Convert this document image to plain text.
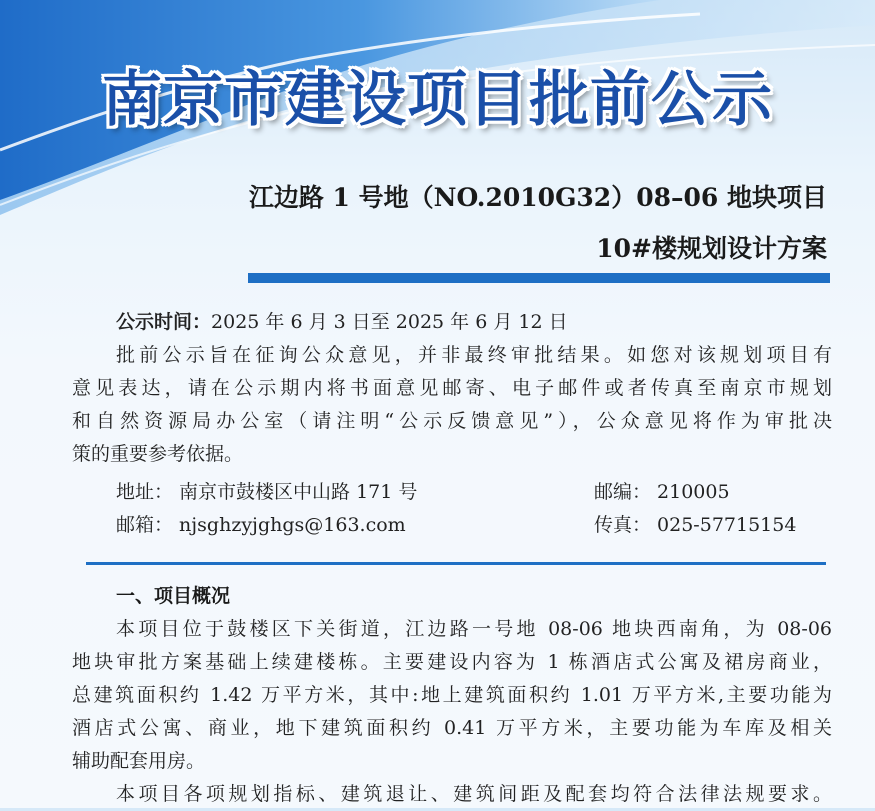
南京市建设项目批前公示
江边路 1 号地（NO.2010G32）08–06 地块项目
10#楼规划设计方案
公示时间：2025 年 6 月 3 日至 2025 年 6 月 12 日
批前公示旨在征询公众意见，并非最终审批结果。如您对该规划项目有
意见表达，请在公示期内将书面意见邮寄、电子邮件或者传真至南京市规划
和自然资源局办公室（请注明“公示反馈意见”），公众意见将作为审批决
策的重要参考依据。
地址： 南京市鼓楼区中山路 171 号	邮编： 210005
邮箱： njsghzyjghgs@163.com	传真： 025-57715154
一、项目概况
本项目位于鼓楼区下关街道，江边路一号地 08-06 地块西南角，为 08-06
地块审批方案基础上续建楼栋。主要建设内容为 1 栋酒店式公寓及裙房商业，
总建筑面积约 1.42 万平方米，其中:地上建筑面积约 1.01 万平方米,主要功能为
酒店式公寓、商业，地下建筑面积约 0.41 万平方米，主要功能为车库及相关
辅助配套用房。
本项目各项规划指标、建筑退让、建筑间距及配套均符合法律法规要求。
